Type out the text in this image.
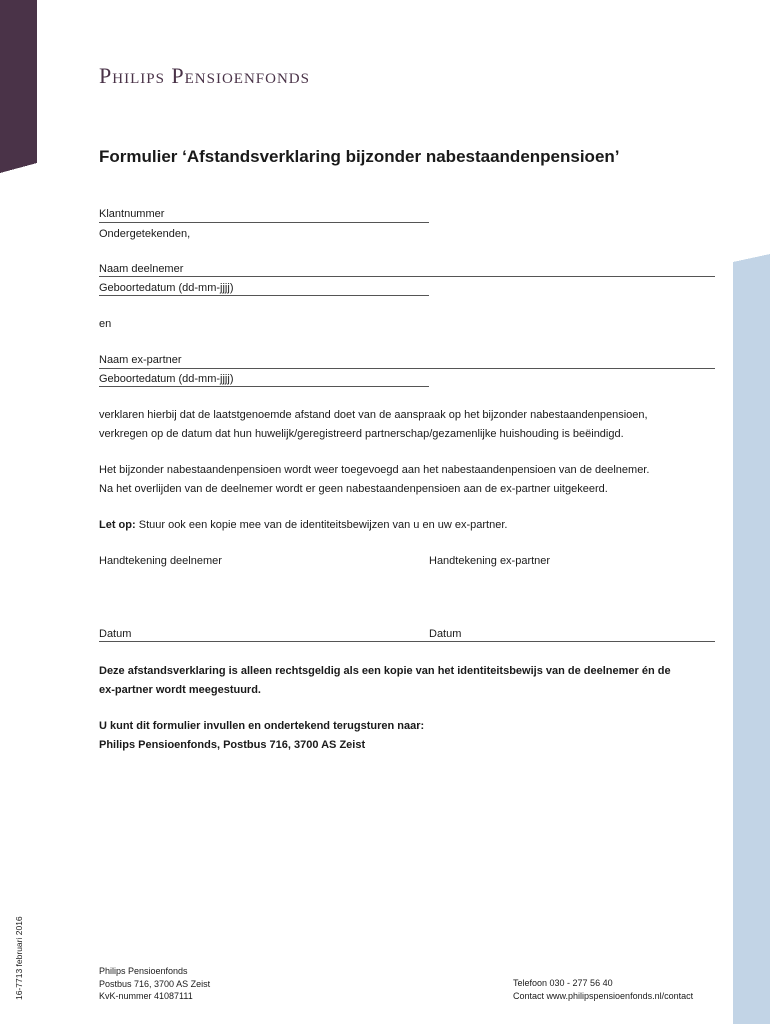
Philips Pensioenfonds
Formulier ‘Afstandsverklaring bijzonder nabestaandenpensioen’
Klantnummer
Ondergetekenden,
Naam deelnemer
Geboortedatum (dd-mm-jjjj)
en
Naam ex-partner
Geboortedatum (dd-mm-jjjj)
verklaren hierbij dat de laatstgenoemde afstand doet van de aanspraak op het bijzonder nabestaandenpensioen,
verkregen op de datum dat hun huwelijk/geregistreerd partnerschap/gezamenlijke huishouding is beëindigd.
Het bijzonder nabestaandenpensioen wordt weer toegevoegd aan het nabestaandenpensioen van de deelnemer.
Na het overlijden van de deelnemer wordt er geen nabestaandenpensioen aan de ex-partner uitgekeerd.
Let op: Stuur ook een kopie mee van de identiteitsbewijzen van u en uw ex-partner.
Handtekening deelnemer	Handtekening ex-partner
Datum	Datum
Deze afstandsverklaring is alleen rechtsgeldig als een kopie van het identiteitsbewijs van de deelnemer én de
ex-partner wordt meegestuurd.
U kunt dit formulier invullen en ondertekend terugsturen naar:
Philips Pensioenfonds, Postbus 716, 3700 AS Zeist
16-7713 februari 2016	Philips Pensioenfonds
Postbus 716, 3700 AS Zeist
KvK-nummer 41087111
Telefoon 030 - 277 56 40
Contact www.philipspensioenfonds.nl/contact
